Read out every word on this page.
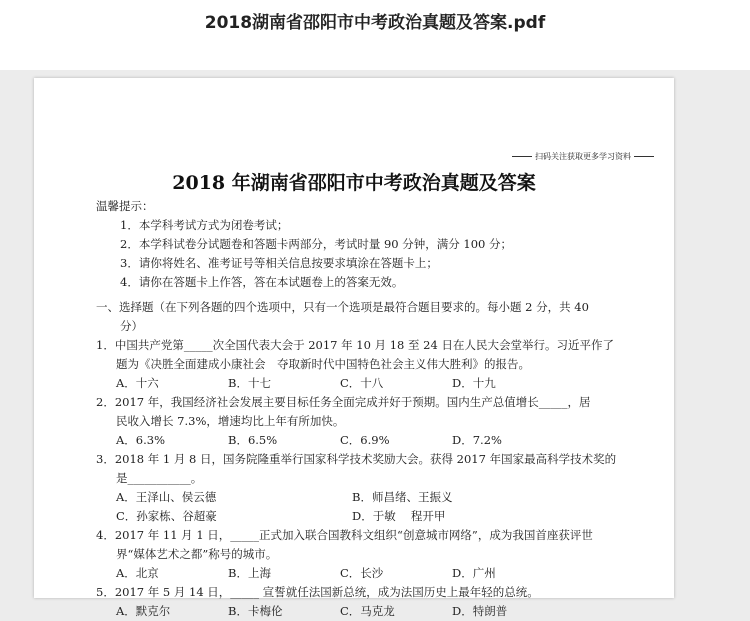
2018湖南省邵阳市中考政治真题及答案.pdf
扫码关注获取更多学习资料
2018 年湖南省邵阳市中考政治真题及答案
温馨提示：
1．本学科考试方式为闭卷考试；
2．本学科试卷分试题卷和答题卡两部分，考试时量 90 分钟，满分 100 分；
3．请你将姓名、准考证号等相关信息按要求填涂在答题卡上；
4．请你在答题卡上作答，答在本试题卷上的答案无效。
一、选择题（在下列各题的四个选项中，只有一个选项是最符合题目要求的。每小题 2 分，共 40
分）
1．中国共产党第_____次全国代表大会于 2017 年 10 月 18 至 24 日在人民大会堂举行。习近平作了
题为《决胜全面建成小康社会　夺取新时代中国特色社会主义伟大胜利》的报告。
A．十六	B．十七	C．十八	D．十九
2．2017 年，我国经济社会发展主要目标任务全面完成并好于预期。国内生产总值增长_____，居
民收入增长 7.3%，增速均比上年有所加快。
A．6.3%	B．6.5%	C．6.9%	D．7.2%
3．2018 年 1 月 8 日，国务院隆重举行国家科学技术奖励大会。获得 2017 年国家最高科学技术奖的
是___________。
A．王泽山、侯云德	B．师昌绪、王振义
C．孙家栋、谷超豪	D．于敏　 程开甲
4．2017 年 11 月 1 日，_____正式加入联合国教科文组织“创意城市网络”，成为我国首座获评世
界“媒体艺术之都”称号的城市。
A．北京	B．上海	C．长沙	D．广州
5．2017 年 5 月 14 日，_____ 宣誓就任法国新总统，成为法国历史上最年轻的总统。
A．默克尔	B．卡梅伦	C．马克龙	D．特朗普
